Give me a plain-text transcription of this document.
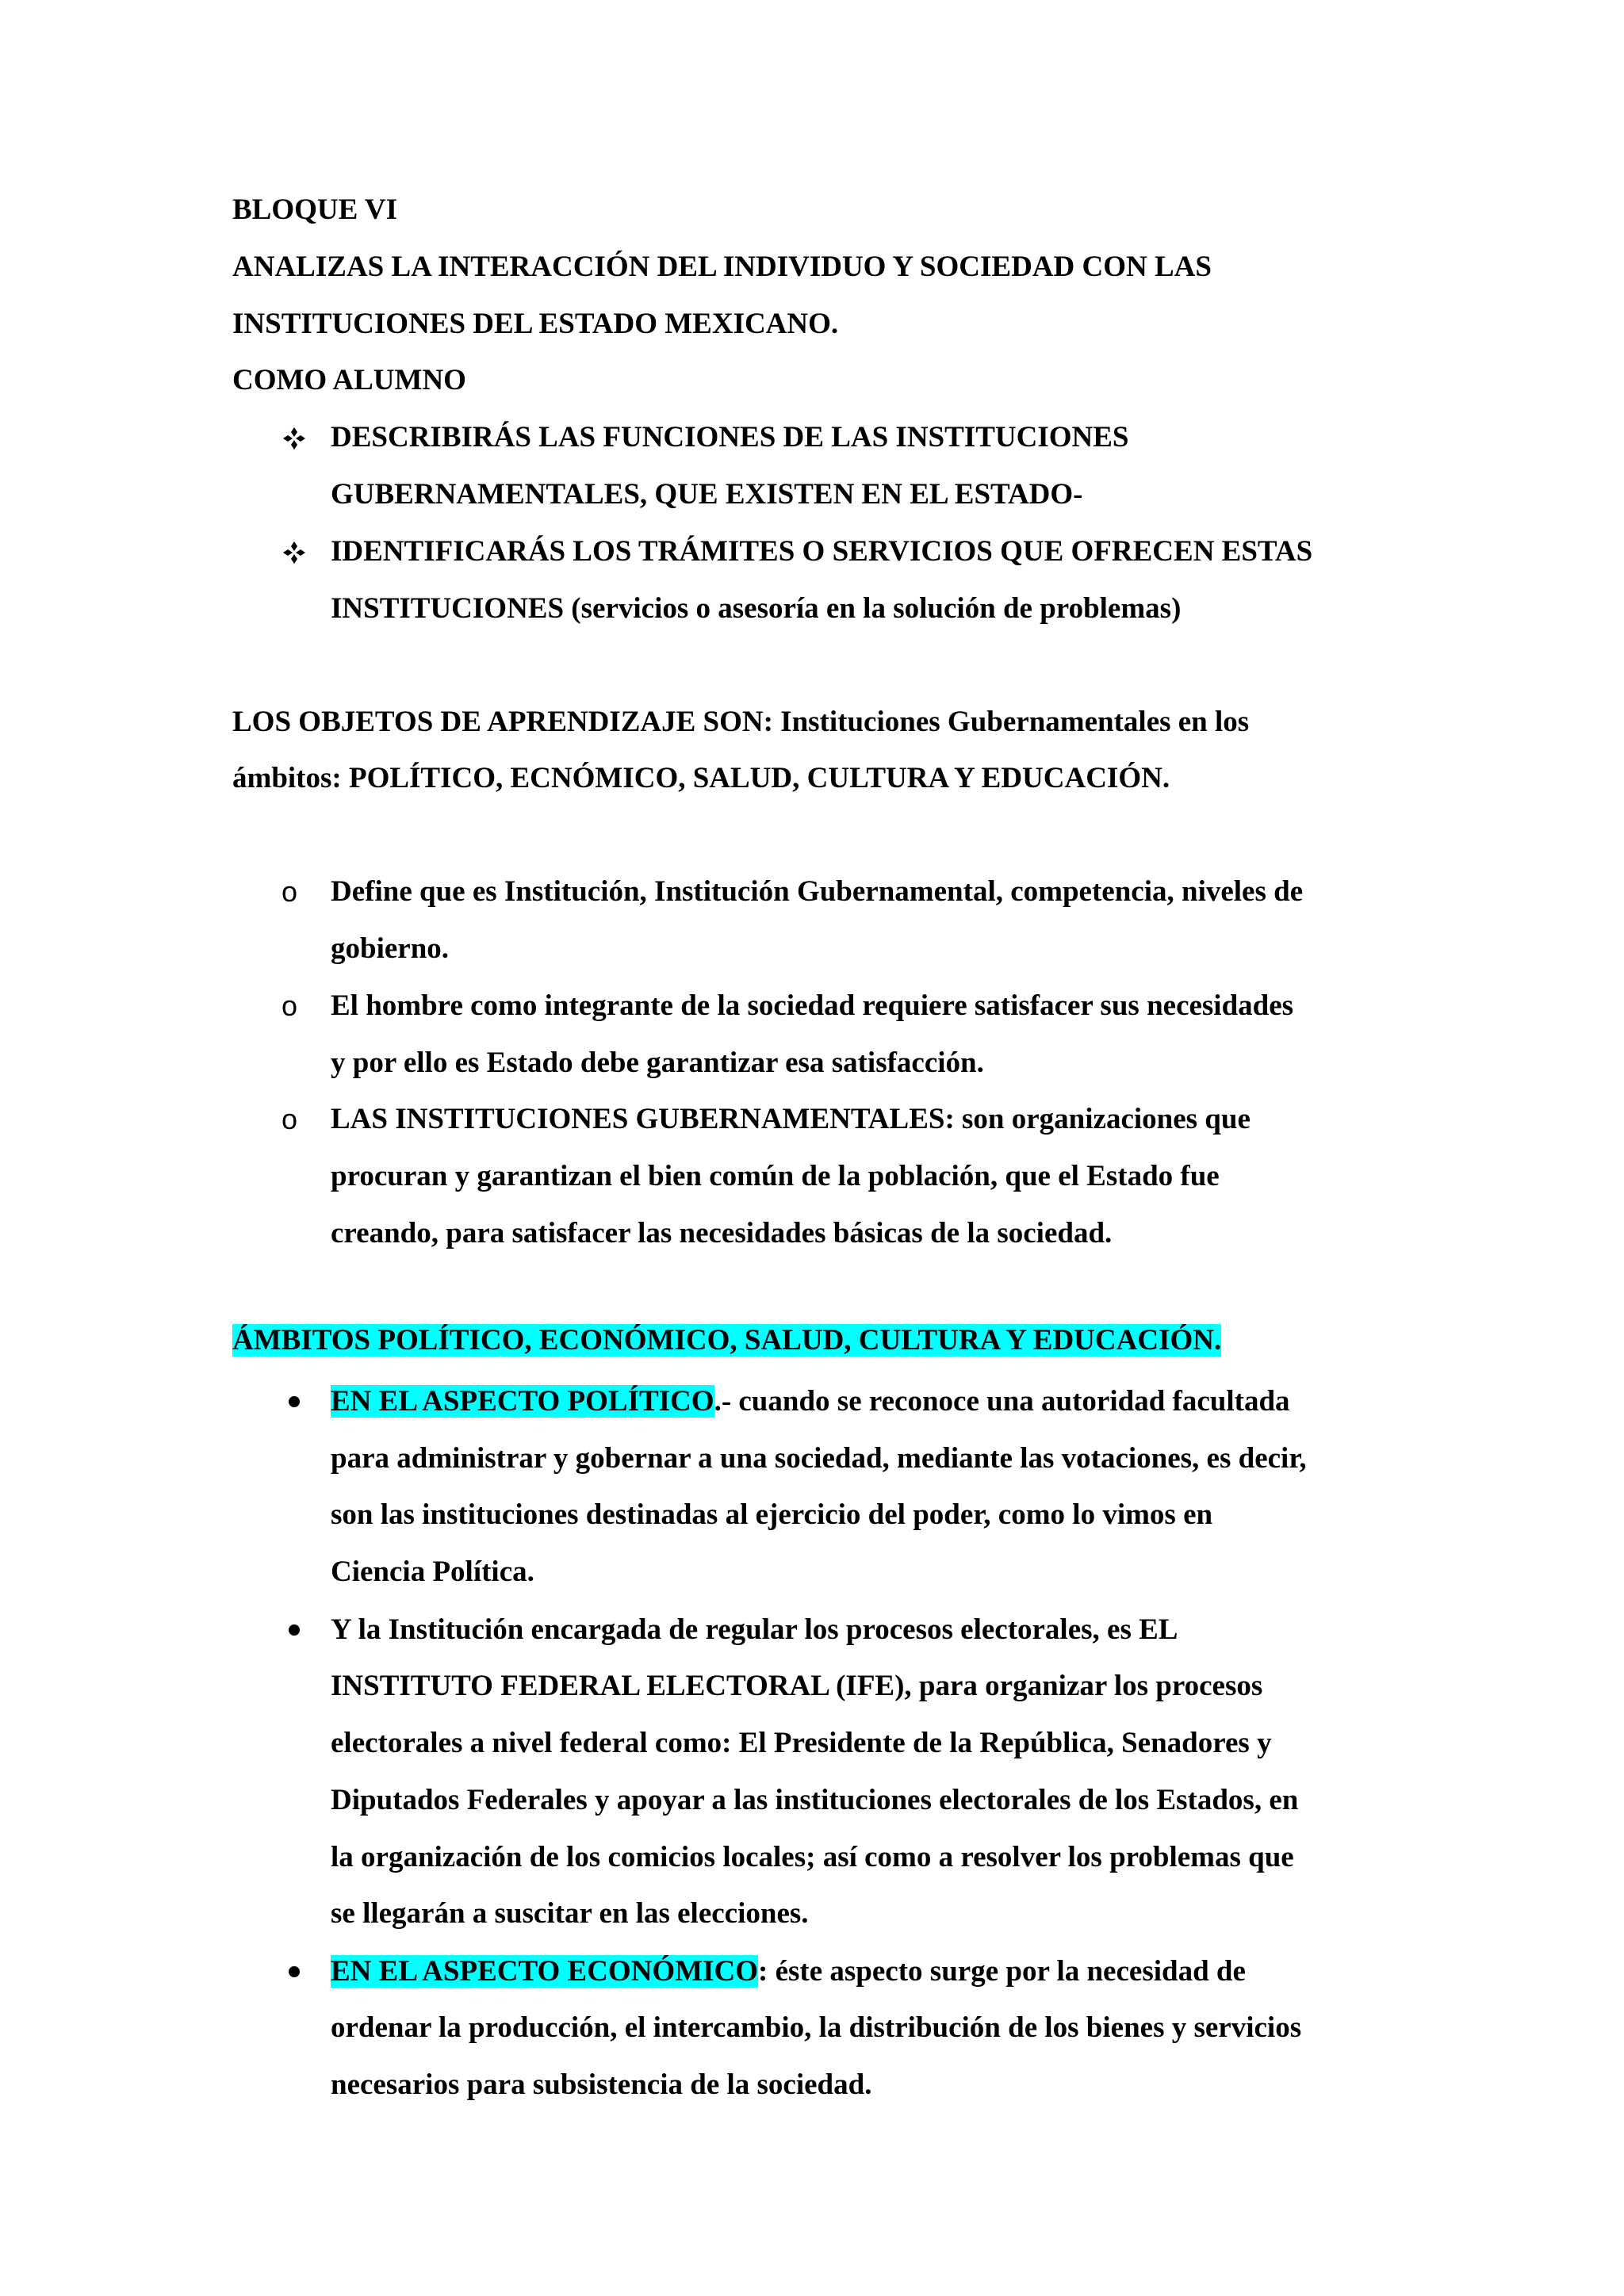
BLOQUE VI
ANALIZAS LA INTERACCIÓN DEL INDIVIDUO Y SOCIEDAD CON LAS
INSTITUCIONES DEL ESTADO MEXICANO.
COMO ALUMNO
DESCRIBIRÁS LAS FUNCIONES DE LAS INSTITUCIONES
GUBERNAMENTALES, QUE EXISTEN EN EL ESTADO-
IDENTIFICARÁS LOS TRÁMITES O SERVICIOS QUE OFRECEN ESTAS
INSTITUCIONES (servicios o asesoría en la solución de problemas)
LOS OBJETOS DE APRENDIZAJE SON: Instituciones Gubernamentales en los
ámbitos: POLÍTICO, ECNÓMICO, SALUD, CULTURA Y EDUCACIÓN.
o Define que es Institución, Institución Gubernamental, competencia, niveles de
gobierno.
o El hombre como integrante de la sociedad requiere satisfacer sus necesidades
y por ello es Estado debe garantizar esa satisfacción.
o LAS INSTITUCIONES GUBERNAMENTALES: son organizaciones que
procuran y garantizan el bien común de la población, que el Estado fue
creando, para satisfacer las necesidades básicas de la sociedad.
ÁMBITOS POLÍTICO, ECONÓMICO, SALUD, CULTURA Y EDUCACIÓN.
EN EL ASPECTO POLÍTICO.- cuando se reconoce una autoridad facultada
para administrar y gobernar a una sociedad, mediante las votaciones, es decir,
son las instituciones destinadas al ejercicio del poder, como lo vimos en
Ciencia Política.
Y la Institución encargada de regular los procesos electorales, es EL
INSTITUTO FEDERAL ELECTORAL (IFE), para organizar los procesos
electorales a nivel federal como: El Presidente de la República, Senadores y
Diputados Federales y apoyar a las instituciones electorales de los Estados, en
la organización de los comicios locales; así como a resolver los problemas que
se llegarán a suscitar en las elecciones.
EN EL ASPECTO ECONÓMICO: éste aspecto surge por la necesidad de
ordenar la producción, el intercambio, la distribución de los bienes y servicios
necesarios para subsistencia de la sociedad.
